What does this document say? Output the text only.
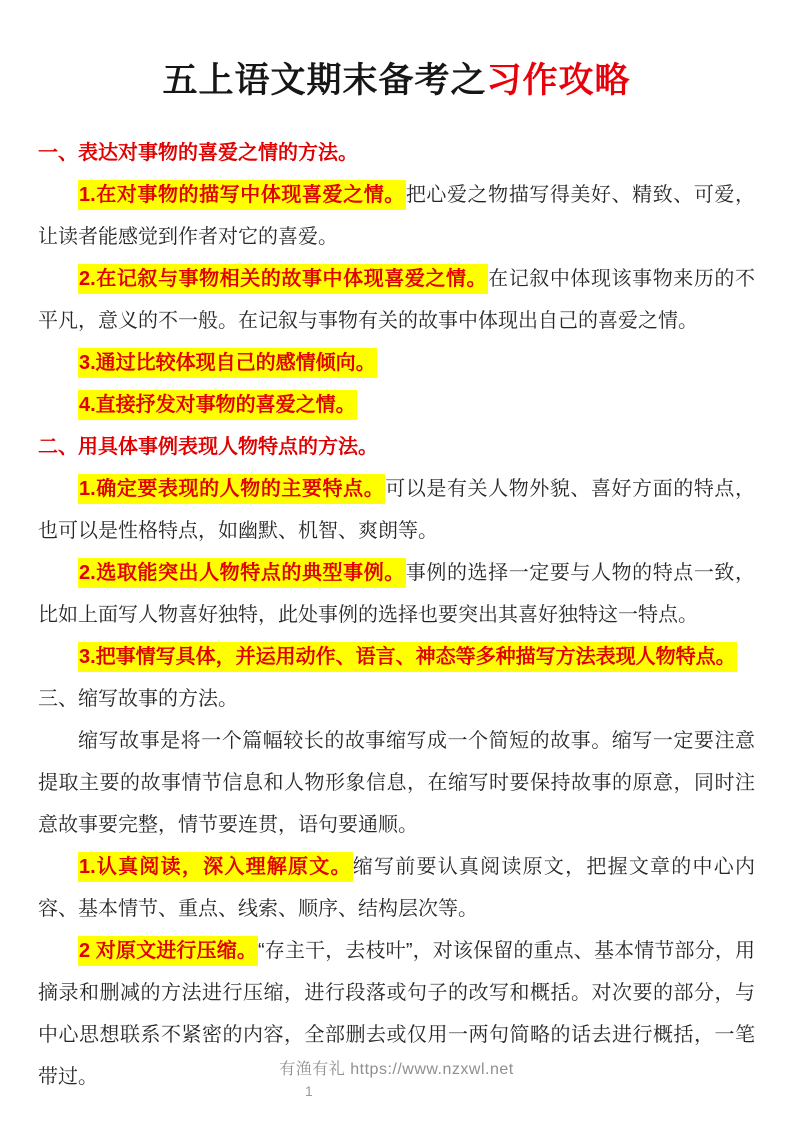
五上语文期末备考之习作攻略

一、表达对事物的喜爱之情的方法。

1.在对事物的描写中体现喜爱之情。把心爱之物描写得美好、精致、可爱，让读者能感觉到作者对它的喜爱。

2.在记叙与事物相关的故事中体现喜爱之情。在记叙中体现该事物来历的不平凡，意义的不一般。在记叙与事物有关的故事中体现出自己的喜爱之情。

3.通过比较体现自己的感情倾向。

4.直接抒发对事物的喜爱之情。

二、用具体事例表现人物特点的方法。

1.确定要表现的人物的主要特点。可以是有关人物外貌、喜好方面的特点，也可以是性格特点，如幽默、机智、爽朗等。

2.选取能突出人物特点的典型事例。事例的选择一定要与人物的特点一致，比如上面写人物喜好独特，此处事例的选择也要突出其喜好独特这一特点。

3.把事情写具体，并运用动作、语言、神态等多种描写方法表现人物特点。

三、缩写故事的方法。

缩写故事是将一个篇幅较长的故事缩写成一个简短的故事。缩写一定要注意提取主要的故事情节信息和人物形象信息，在缩写时要保持故事的原意，同时注意故事要完整，情节要连贯，语句要通顺。

1.认真阅读，深入理解原文。缩写前要认真阅读原文，把握文章的中心内容、基本情节、重点、线索、顺序、结构层次等。

2 对原文进行压缩。“存主干，去枝叶”，对该保留的重点、基本情节部分，用摘录和删减的方法进行压缩，进行段落或句子的改写和概括。对次要的部分，与中心思想联系不紧密的内容，全部删去或仅用一两句简略的话去进行概括，一笔带过。	有渔有礼 https://www.nzxwl.net
1
